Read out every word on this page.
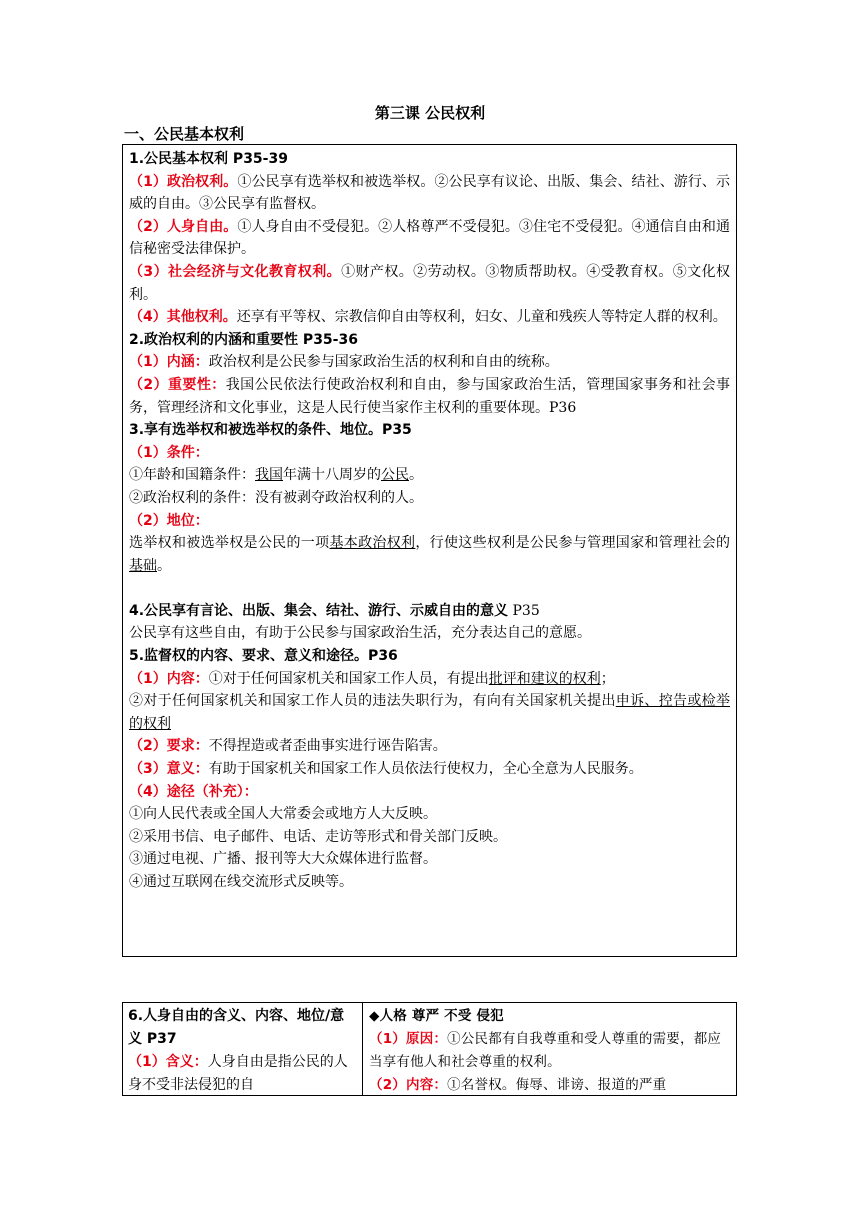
第三课 公民权利
一、公民基本权利

1.公民基本权利 P35-39

（1）政治权利。①公民享有选举权和被选举权。②公民享有议论、出版、集会、结社、游行、示威的自由。③公民享有监督权。

（2）人身自由。①人身自由不受侵犯。②人格尊严不受侵犯。③住宅不受侵犯。④通信自由和通信秘密受法律保护。

（3）社会经济与文化教育权利。①财产权。②劳动权。③物质帮助权。④受教育权。⑤文化权利。

（4）其他权利。还享有平等权、宗教信仰自由等权利，妇女、儿童和残疾人等特定人群的权利。

2.政治权利的内涵和重要性 P35-36

（1）内涵：政治权利是公民参与国家政治生活的权利和自由的统称。

（2）重要性：我国公民依法行使政治权利和自由，参与国家政治生活，管理国家事务和社会事务，管理经济和文化事业，这是人民行使当家作主权利的重要体现。P36

3.享有选举权和被选举权的条件、地位。P35

（1）条件：

①年龄和国籍条件：我国年满十八周岁的公民。

②政治权利的条件：没有被剥夺政治权利的人。

（2）地位：

选举权和被选举权是公民的一项基本政治权利，行使这些权利是公民参与管理国家和管理社会的基础。

4.公民享有言论、出版、集会、结社、游行、示威自由的意义 P35

公民享有这些自由，有助于公民参与国家政治生活，充分表达自己的意愿。

5.监督权的内容、要求、意义和途径。P36

（1）内容：①对于任何国家机关和国家工作人员，有提出批评和建议的权利；

②对于任何国家机关和国家工作人员的违法失职行为，有向有关国家机关提出申诉、控告或检举的权利

（2）要求：不得捏造或者歪曲事实进行诬告陷害。

（3）意义：有助于国家机关和国家工作人员依法行使权力，全心全意为人民服务。

（4）途径（补充）：

①向人民代表或全国人大常委会或地方人大反映。

②采用书信、电子邮件、电话、走访等形式和骨关部门反映。

③通过电视、广播、报刊等大大众媒体进行监督。

④通过互联网在线交流形式反映等。

6.人身自由的含义、内容、地位/意义 P37

（1）含义：人身自由是指公民的人身不受非法侵犯的自

◆人格 尊严 不受 侵犯

（1）原因：①公民都有自我尊重和受人尊重的需要，都应当享有他人和社会尊重的权利。

（2）内容：①名誉权。侮辱、诽谤、报道的严重
